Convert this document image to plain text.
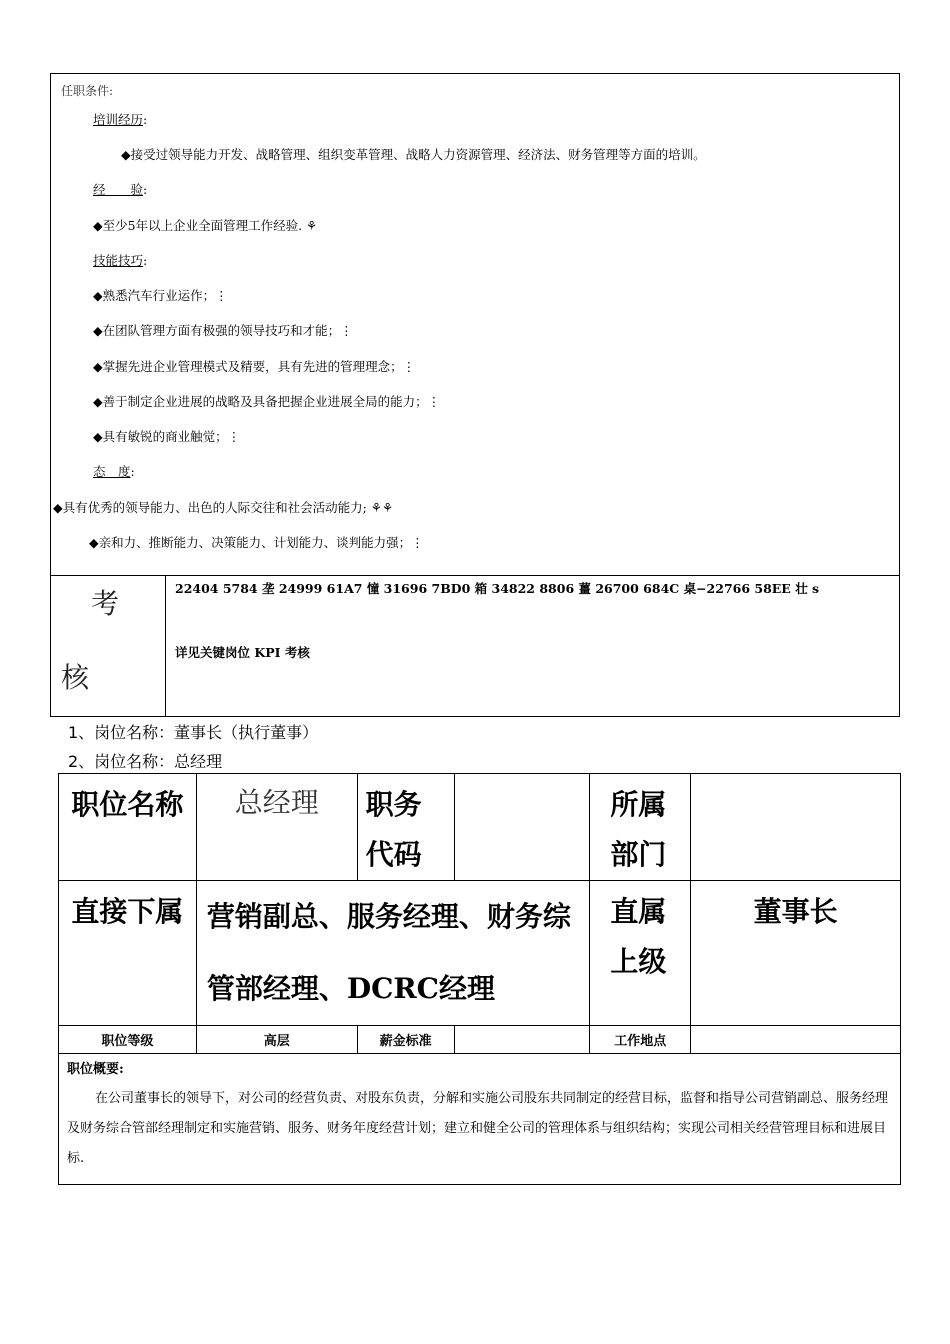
任职条件:
培训经历:
◆接受过领导能力开发、战略管理、组织变革管理、战略人力资源管理、经济法、财务管理等方面的培训。
经　　验:
◆至少5年以上企业全面管理工作经验. ⚘
技能技巧:
◆熟悉汽车行业运作；⋮
◆在团队管理方面有极强的领导技巧和才能；⋮
◆掌握先进企业管理模式及精要，具有先进的管理理念；⋮
◆善于制定企业进展的战略及具备把握企业进展全局的能力；⋮
◆具有敏锐的商业触觉；⋮
态　度:
◆具有优秀的领导能力、出色的人际交往和社会活动能力; ⚘⚘
◆亲和力、推断能力、决策能力、计划能力、谈判能力强；⋮
考
核
22404 5784 垄 24999 61A7 憧 31696 7BD0 箱 34822 8806 薑 26700 684C 桌−22766 58EE 壮 s
详见关键岗位 KPI 考核
1、岗位名称：董事长（执行董事）
2、岗位名称：总经理
职位名称	总经理	职务代码		所属部门	
直接下属	营销副总、服务经理、财务综管部经理、DCRC经理			直属上级	董事长
职位等级	高层	薪金标准		工作地点	

职位概要:
在公司董事长的领导下，对公司的经营负责、对股东负责，分解和实施公司股东共同制定的经营目标，监督和指导公司营销副总、服务经理及财务综合管部经理制定和实施营销、服务、财务年度经营计划；建立和健全公司的管理体系与组织结构；实现公司相关经营管理目标和进展目标.					
